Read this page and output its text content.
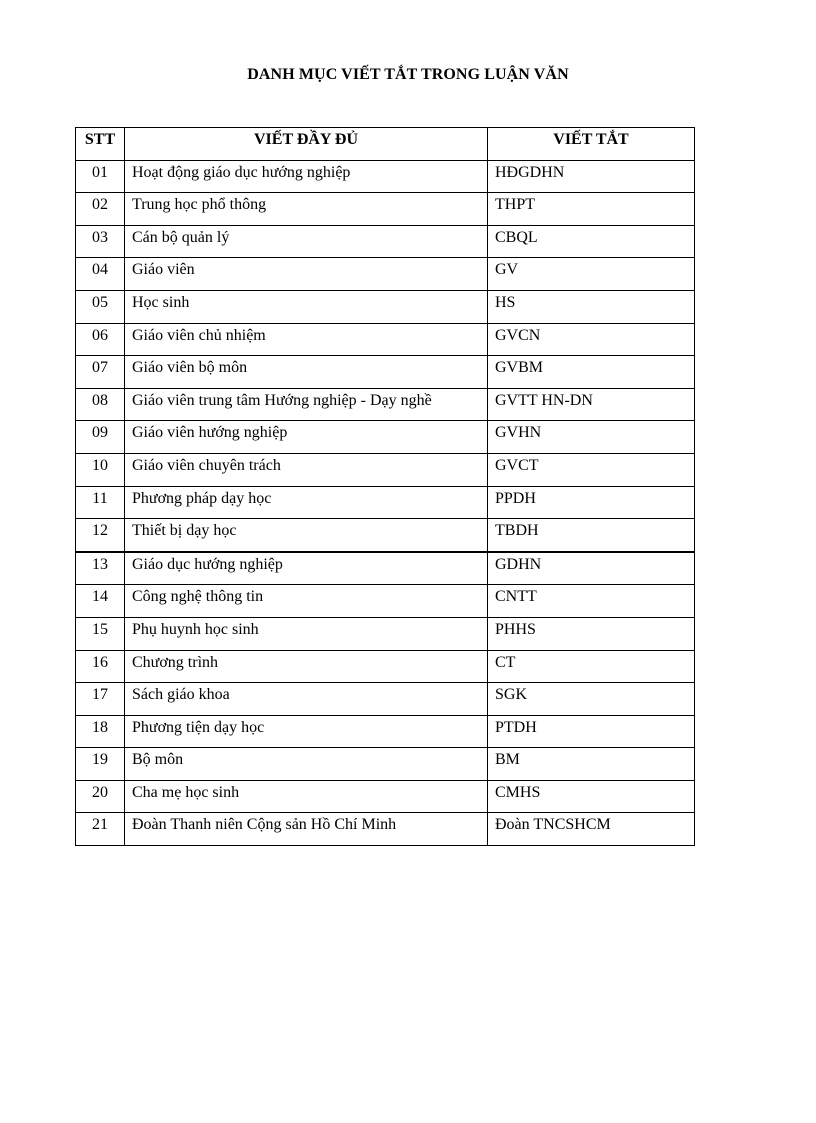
DANH MỤC VIẾT TẮT TRONG LUẬN VĂN
STT	VIẾT ĐẦY ĐỦ	VIẾT TẮT
01	Hoạt động giáo dục hướng nghiệp	HĐGDHN
02	Trung học phổ thông	THPT
03	Cán bộ quản lý	CBQL
04	Giáo viên	GV
05	Học sinh	HS
06	Giáo viên chủ nhiệm	GVCN
07	Giáo viên bộ môn	GVBM
08	Giáo viên trung tâm Hướng nghiệp - Dạy nghề	GVTT HN-DN
09	Giáo viên hướng nghiệp	GVHN
10	Giáo viên chuyên trách	GVCT
11	Phương pháp dạy học	PPDH
12	Thiết bị dạy học	TBDH
13	Giáo dục hướng nghiệp	GDHN
14	Công nghệ thông tin	CNTT
15	Phụ huynh học sinh	PHHS
16	Chương trình	CT
17	Sách giáo khoa	SGK
18	Phương tiện dạy học	PTDH
19	Bộ môn	BM
20	Cha mẹ học sinh	CMHS
21	Đoàn Thanh niên Cộng sản Hồ Chí Minh	Đoàn TNCSHCM
